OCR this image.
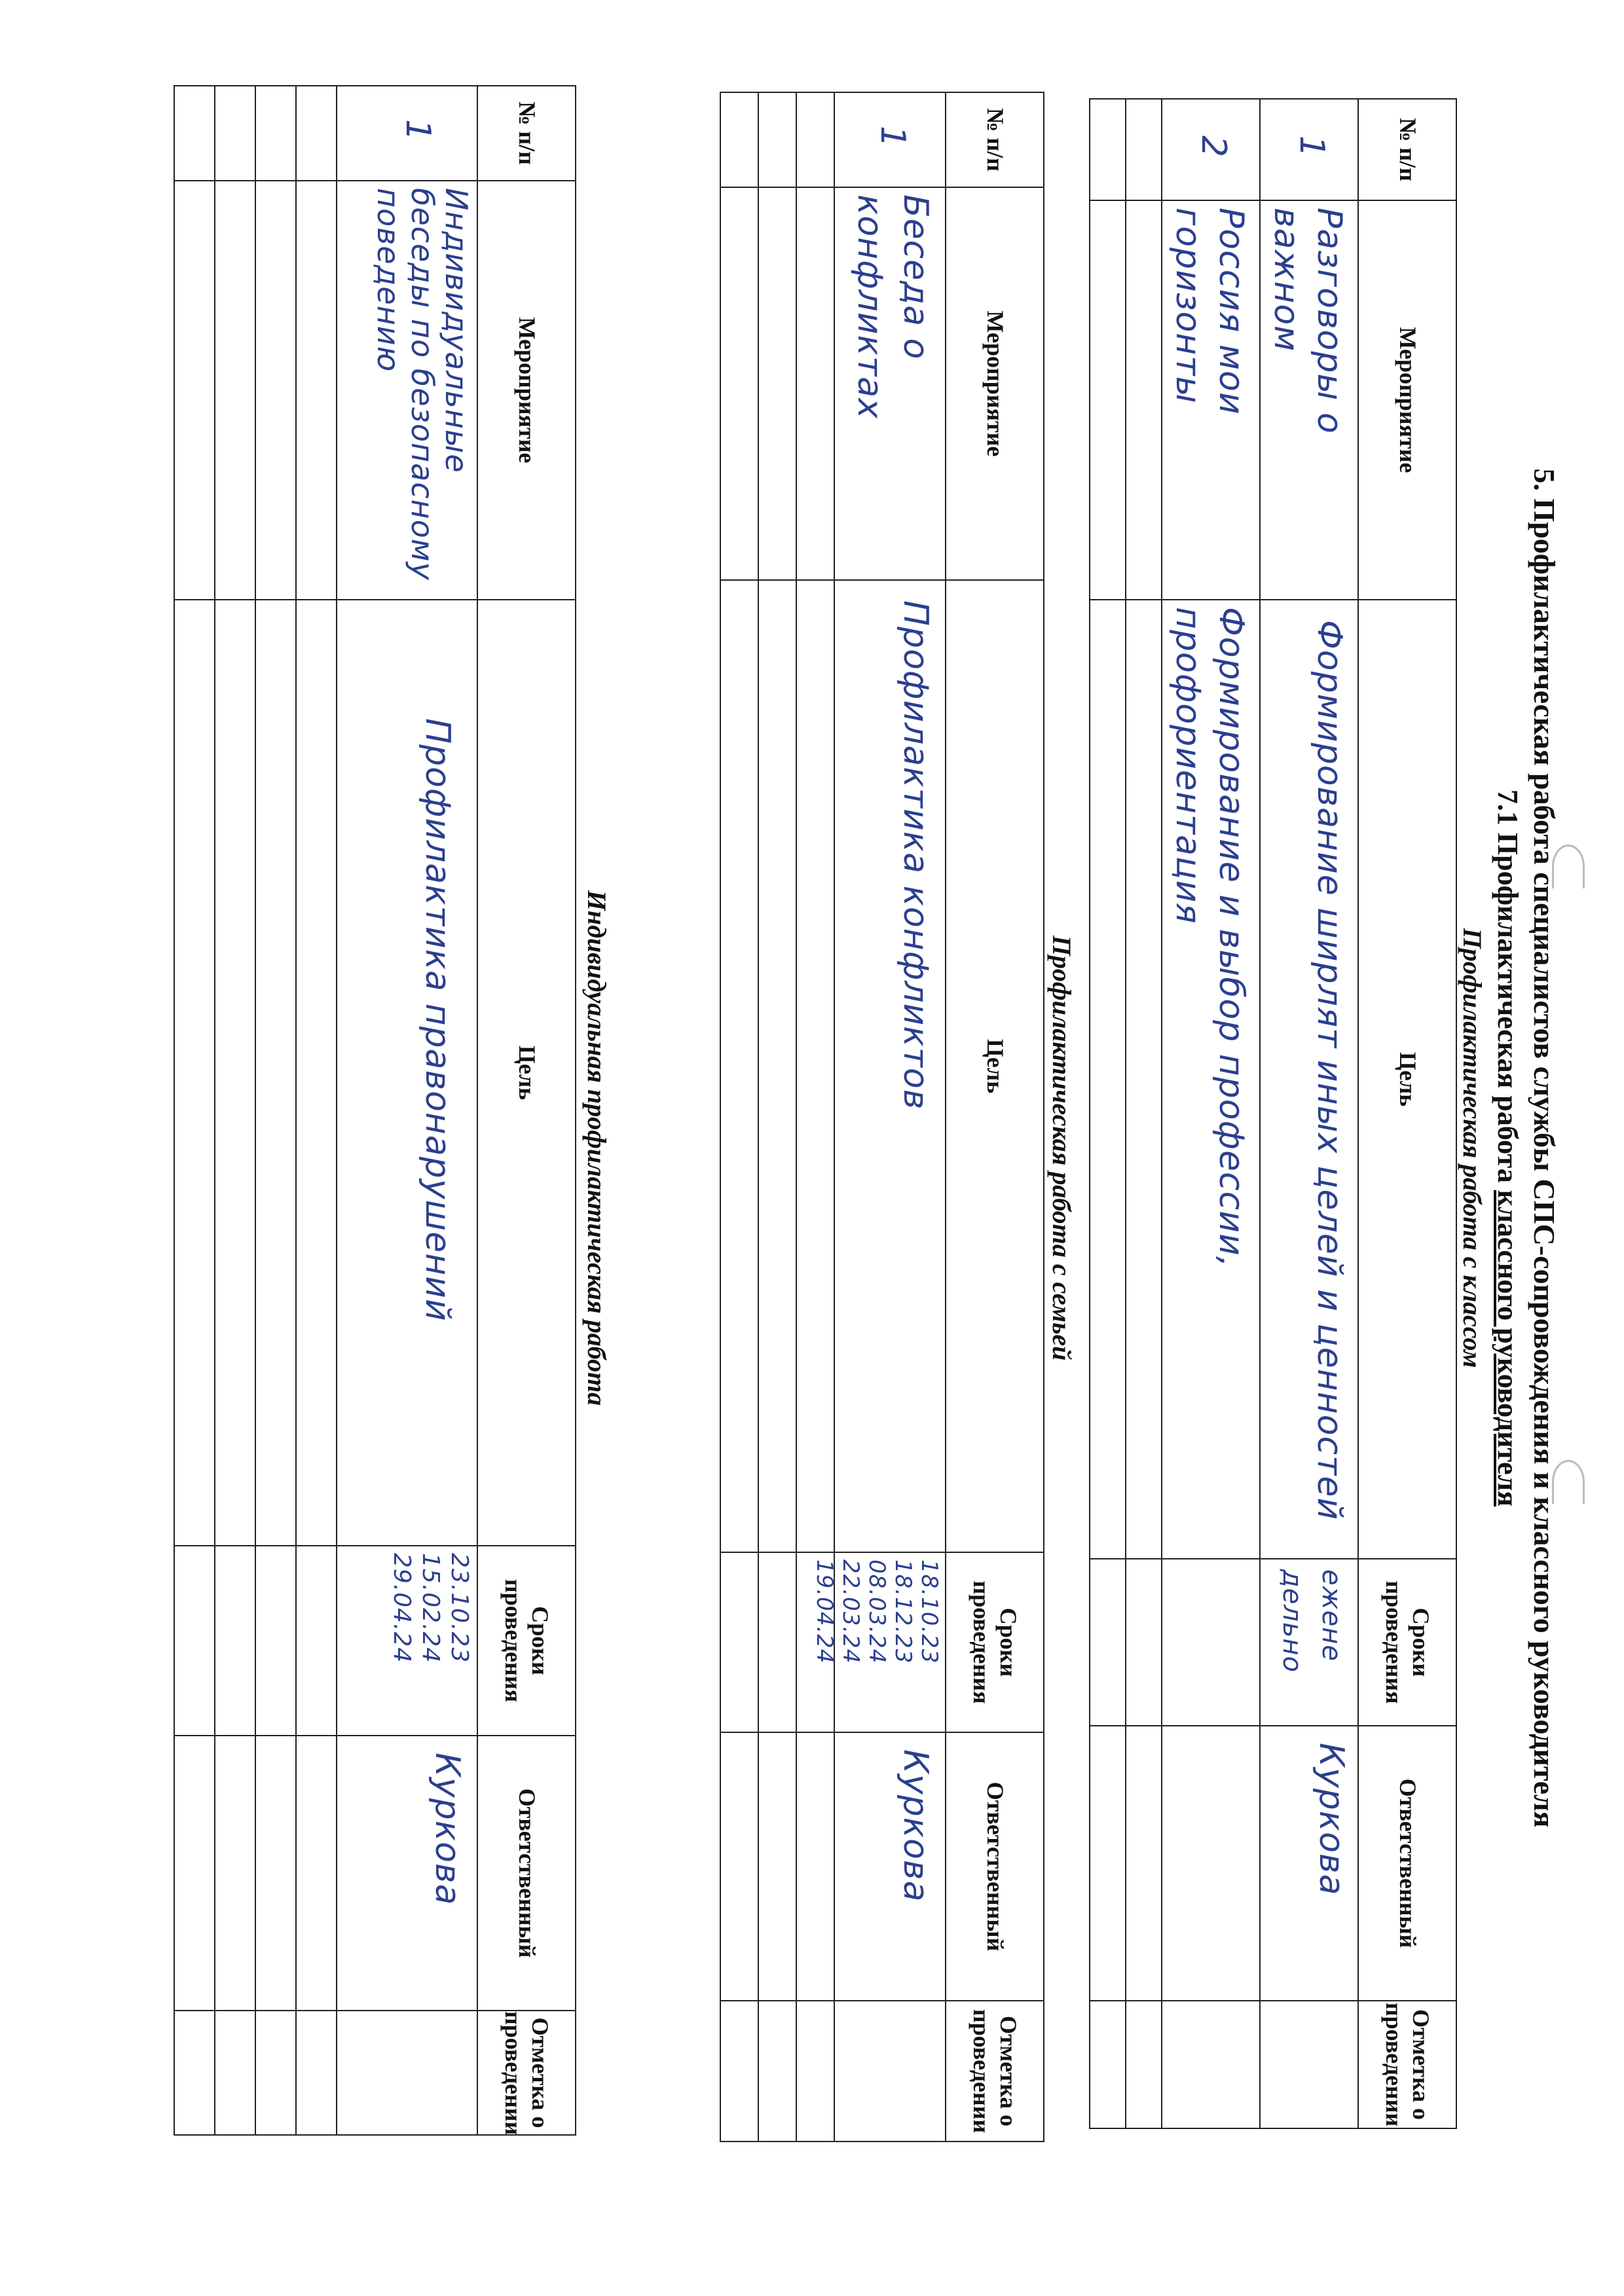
5. Профилактическая работа специалистов службы СПС-сопровождения и классного руководителя
7.1 Профилактическая работа классного руководителя
Профилактическая работа с классом
№ п/п	Мероприятие	Цель	Сроки проведения	Ответственный	Отметка о проведении

1	Разговоры о важном	Формирование ширлят иных целей и ценностей	ежене дельно	Куркова	

2	Россия мои горизонты	Формирование и выбор профессии, профориентация			

Профилактическая работа с семьей
№ п/п	Мероприятие	Цель	Сроки проведения	Ответственный	Отметка о проведении

1	Беседа о конфликтах	Профилактика конфликтов	18.10.23 18.12.23 08.03.24 22.03.24 19.04.24	Куркова	

Индивидуальная профилактическая работа
№ п/п	Мероприятие	Цель	Сроки проведения	Ответственный	Отметка о проведении

1	Индивидуальные беседы по безопасному поведению	Профилактика правонарушений	23.10.23 15.02.24 29.04.24	Куркова	
